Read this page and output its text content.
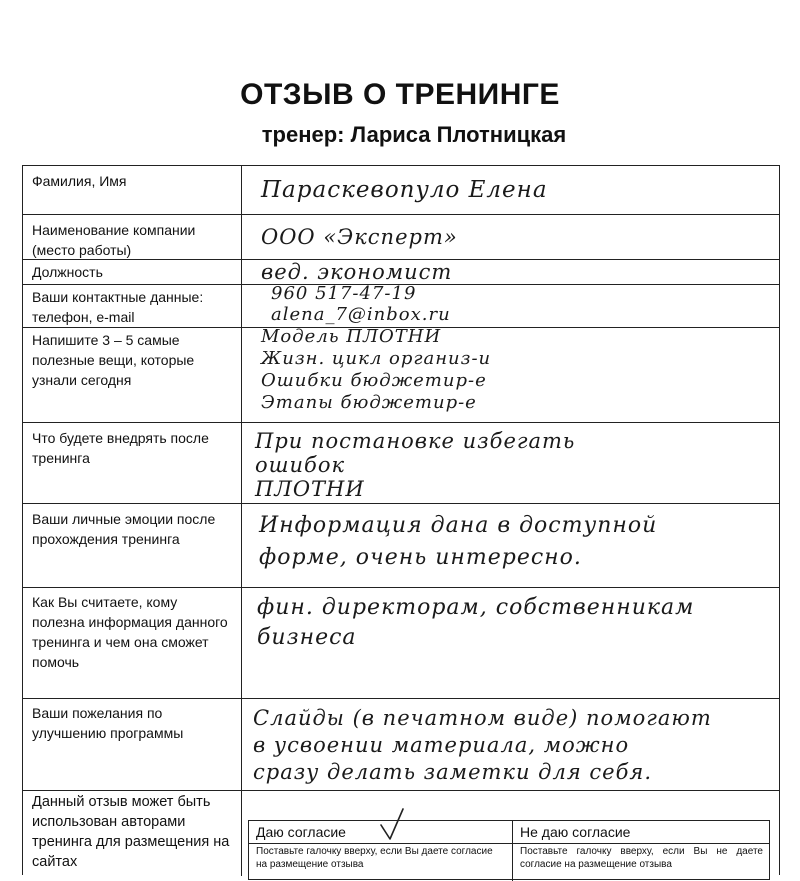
ОТЗЫВ О ТРЕНИНГЕ
тренер: Лариса Плотницкая
Фамилия, Имя	Параскевопуло Елена
Наименование компании (место работы)
ООО «Эксперт»
Должность	вед. экономист
Ваши контактные данные: телефон, e-mail
960 517-47-19
alena_7@inbox.ru
Напишите 3 – 5 самые полезные вещи, которые узнали сегодня
Модель ПЛОТНИ
Жизн. цикл организ-и
Ошибки бюджетир-е
Этапы бюджетир-е
Что будете внедрять после тренинга
При постановке избегать
ошибок
ПЛОТНИ
Ваши личные эмоции после прохождения тренинга
Информация дана в доступной
форме, очень интересно.
Как Вы считаете, кому полезна информация данного тренинга и чем она сможет помочь
фин. директорам, собственникам
бизнеса
Ваши пожелания по улучшению программы
Слайды (в печатном виде) помогают
в усвоении материала, можно
сразу делать заметки для себя.
Данный отзыв может быть использован авторами тренинга для размещения на сайтах
Даю согласие
Поставьте галочку вверху, если Вы даете согласие на размещение отзыва
Не даю согласие
Поставьте галочку вверху, если Вы не даете согласие на размещение отзыва
